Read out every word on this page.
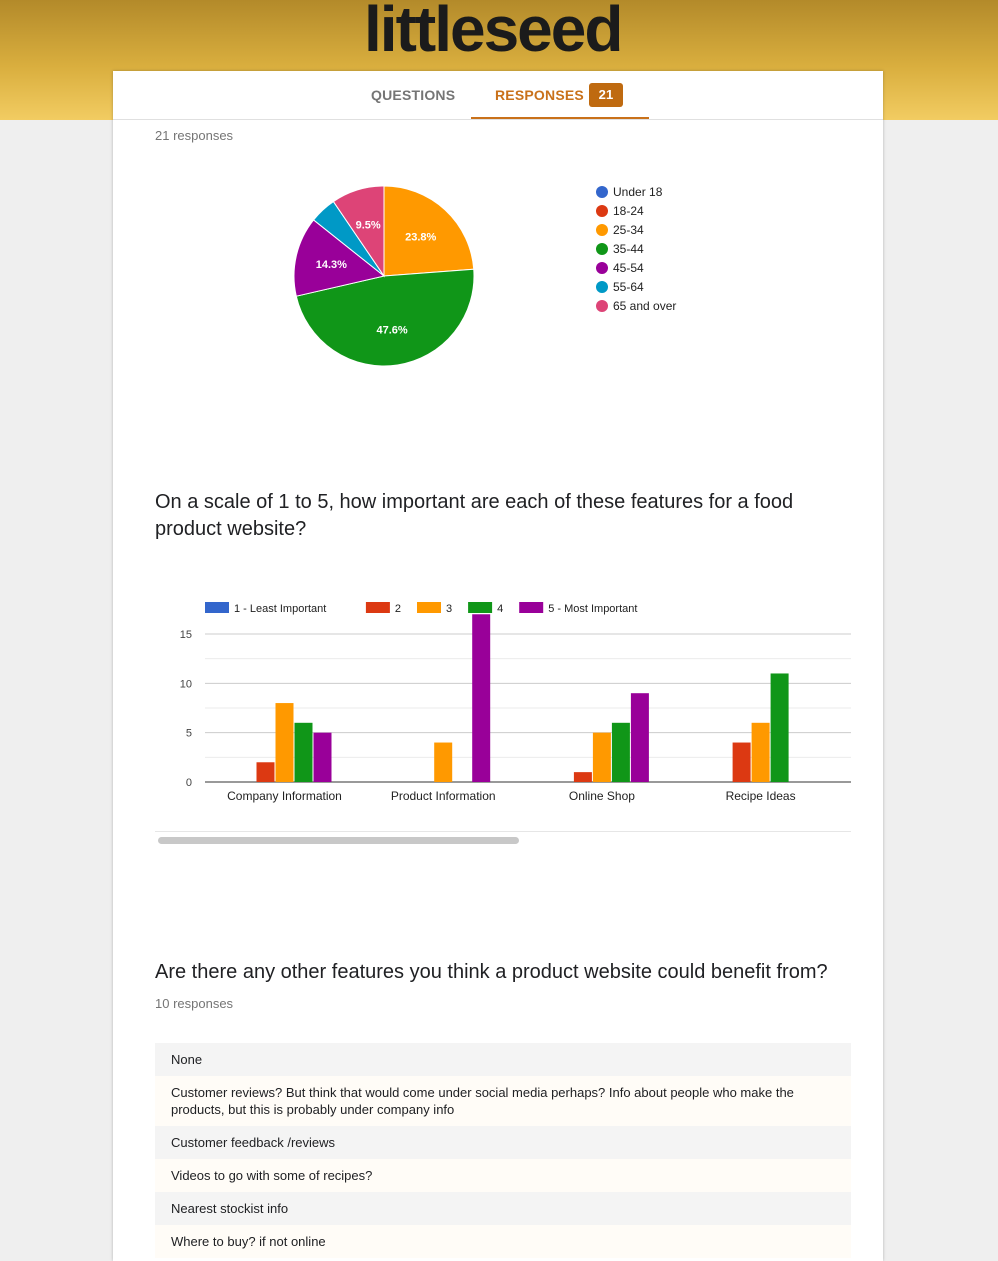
littleseed
QUESTIONS	RESPONSES	21
21 responses
23.8%
47.6%
14.3%
9.5%
Under 18
18-24
25-34
35-44
45-54
55-64
65 and over
On a scale of 1 to 5, how important are each of these features for a food product website?
0
5
10
15
1 - Least Important	2	3	4	5 - Most Important
Company Information	Product Information	Online Shop	Recipe Ideas
Are there any other features you think a product website could benefit from?
10 responses
None
Customer reviews? But think that would come under social media perhaps? Info about people who make the products, but this is probably under company info
Customer feedback /reviews
Videos to go with some of recipes?
Nearest stockist info
Where to buy? if not online
